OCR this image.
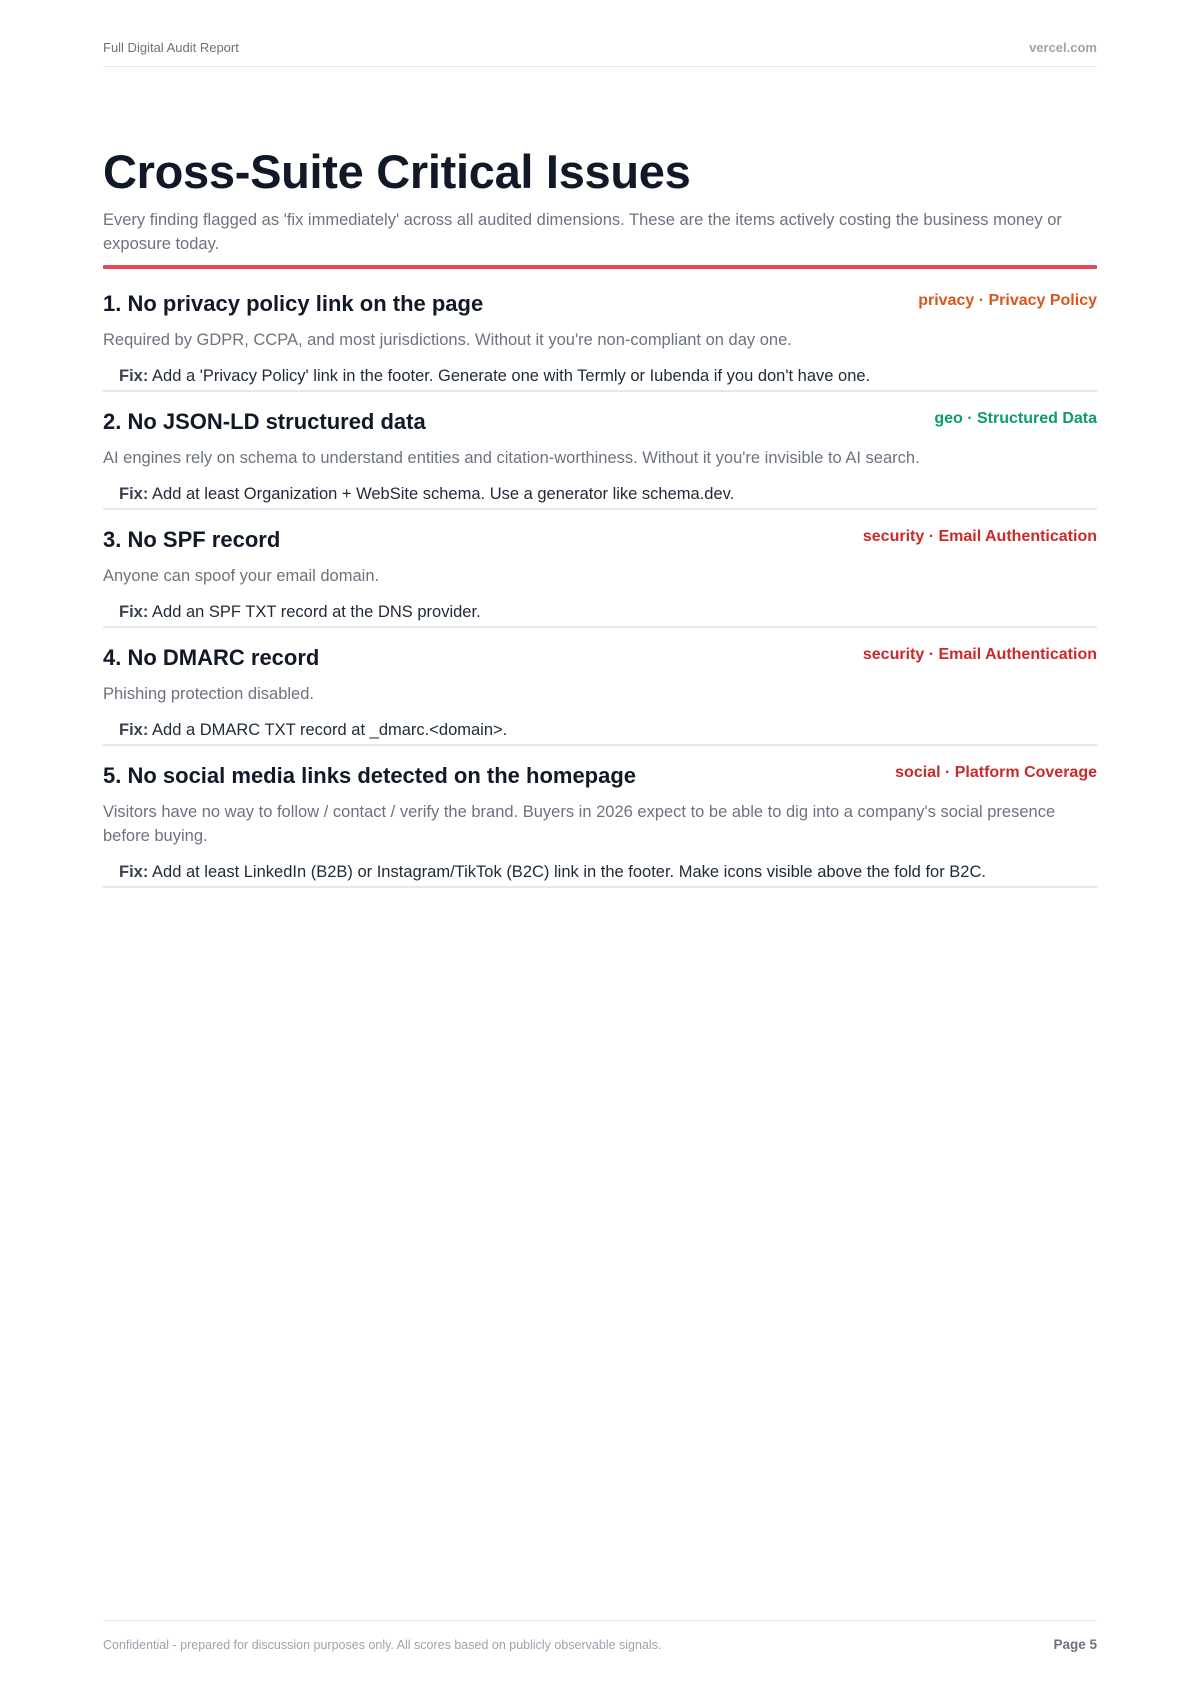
Full Digital Audit Report	vercel.com
Cross-Suite Critical Issues

Every finding flagged as 'fix immediately' across all audited dimensions. These are the items actively costing the business money or exposure today.

1. No privacy policy link on the page	privacy · Privacy Policy

Required by GDPR, CCPA, and most jurisdictions. Without it you're non-compliant on day one.

Fix: Add a 'Privacy Policy' link in the footer. Generate one with Termly or Iubenda if you don't have one.

2. No JSON-LD structured data	geo · Structured Data

AI engines rely on schema to understand entities and citation-worthiness. Without it you're invisible to AI search.

Fix: Add at least Organization + WebSite schema. Use a generator like schema.dev.

3. No SPF record	security · Email Authentication

Anyone can spoof your email domain.

Fix: Add an SPF TXT record at the DNS provider.

4. No DMARC record	security · Email Authentication

Phishing protection disabled.

Fix: Add a DMARC TXT record at _dmarc.<domain>.

5. No social media links detected on the homepage	social · Platform Coverage

Visitors have no way to follow / contact / verify the brand. Buyers in 2026 expect to be able to dig into a company's social presence before buying.

Fix: Add at least LinkedIn (B2B) or Instagram/TikTok (B2C) link in the footer. Make icons visible above the fold for B2C.

Confidential - prepared for discussion purposes only. All scores based on publicly observable signals.	Page 5
